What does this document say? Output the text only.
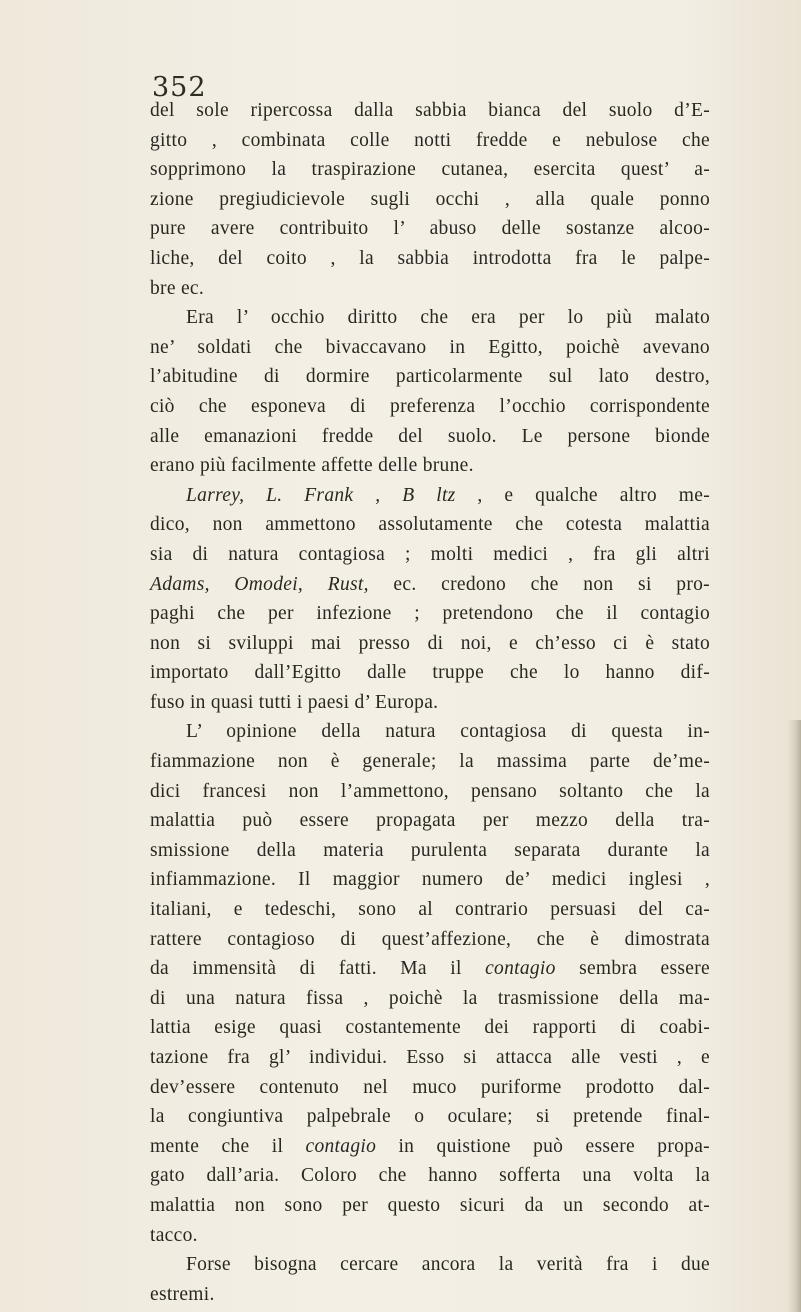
352
del sole ripercossa dalla sabbia bianca del suolo d’E-
gitto , combinata colle notti fredde e nebulose che
sopprimono la traspirazione cutanea, esercita quest’ a-
zione pregiudicievole sugli occhi , alla quale ponno
pure avere contribuito l’ abuso delle sostanze alcoo-
liche, del coito , la sabbia introdotta fra le palpe-
bre ec.
Era l’ occhio diritto che era per lo più malato
ne’ soldati che bivaccavano in Egitto, poichè avevano
l’abitudine di dormire particolarmente sul lato destro,
ciò che esponeva di preferenza l’occhio corrispondente
alle emanazioni fredde del suolo. Le persone bionde
erano più facilmente affette delle brune.
Larrey, L. Frank , B ltz , e qualche altro me-
dico, non ammettono assolutamente che cotesta malattia
sia di natura contagiosa ; molti medici , fra gli altri
Adams, Omodei, Rust, ec. credono che non si pro-
paghi che per infezione ; pretendono che il contagio
non si sviluppi mai presso di noi, e ch’esso ci è stato
importato dall’Egitto dalle truppe che lo hanno dif-
fuso in quasi tutti i paesi d’ Europa.
L’ opinione della natura contagiosa di questa in-
fiammazione non è generale; la massima parte de’me-
dici francesi non l’ammettono, pensano soltanto che la
malattia può essere propagata per mezzo della tra-
smissione della materia purulenta separata durante la
infiammazione. Il maggior numero de’ medici inglesi ,
italiani, e tedeschi, sono al contrario persuasi del ca-
rattere contagioso di quest’affezione, che è dimostrata
da immensità di fatti. Ma il contagio sembra essere
di una natura fissa , poichè la trasmissione della ma-
lattia esige quasi costantemente dei rapporti di coabi-
tazione fra gl’ individui. Esso si attacca alle vesti , e
dev’essere contenuto nel muco puriforme prodotto dal-
la congiuntiva palpebrale o oculare; si pretende final-
mente che il contagio in quistione può essere propa-
gato dall’aria. Coloro che hanno sofferta una volta la
malattia non sono per questo sicuri da un secondo at-
tacco.
Forse bisogna cercare ancora la verità fra i due
estremi.
